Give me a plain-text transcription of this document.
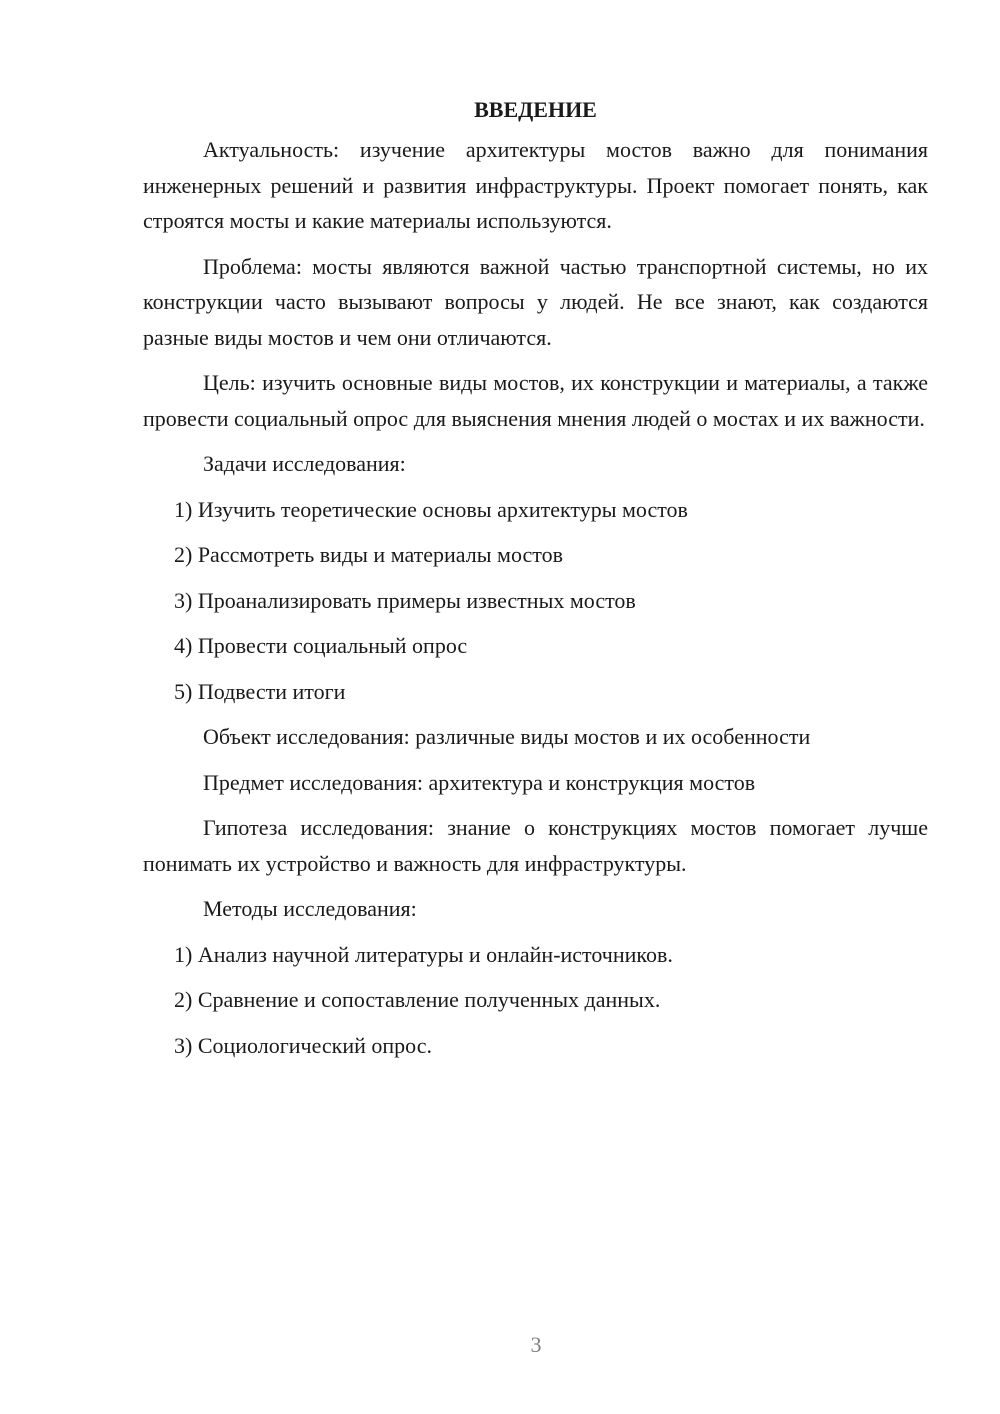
ВВЕДЕНИЕ
Актуальность: изучение архитектуры мостов важно для понимания инженерных решений и развития инфраструктуры. Проект помогает понять, как строятся мосты и какие материалы используются.
Проблема: мосты являются важной частью транспортной системы, но их конструкции часто вызывают вопросы у людей. Не все знают, как создаются разные виды мостов и чем они отличаются.
Цель: изучить основные виды мостов, их конструкции и материалы, а также провести социальный опрос для выяснения мнения людей о мостах и их важности.
Задачи исследования:
1) Изучить теоретические основы архитектуры мостов
2) Рассмотреть виды и материалы мостов
3) Проанализировать примеры известных мостов
4) Провести социальный опрос
5) Подвести итоги
Объект исследования: различные виды мостов и их особенности
Предмет исследования: архитектура и конструкция мостов
Гипотеза исследования: знание о конструкциях мостов помогает лучше понимать их устройство и важность для инфраструктуры.
Методы исследования:
1) Анализ научной литературы и онлайн-источников.
2) Сравнение и сопоставление полученных данных.
3) Социологический опрос.
3
